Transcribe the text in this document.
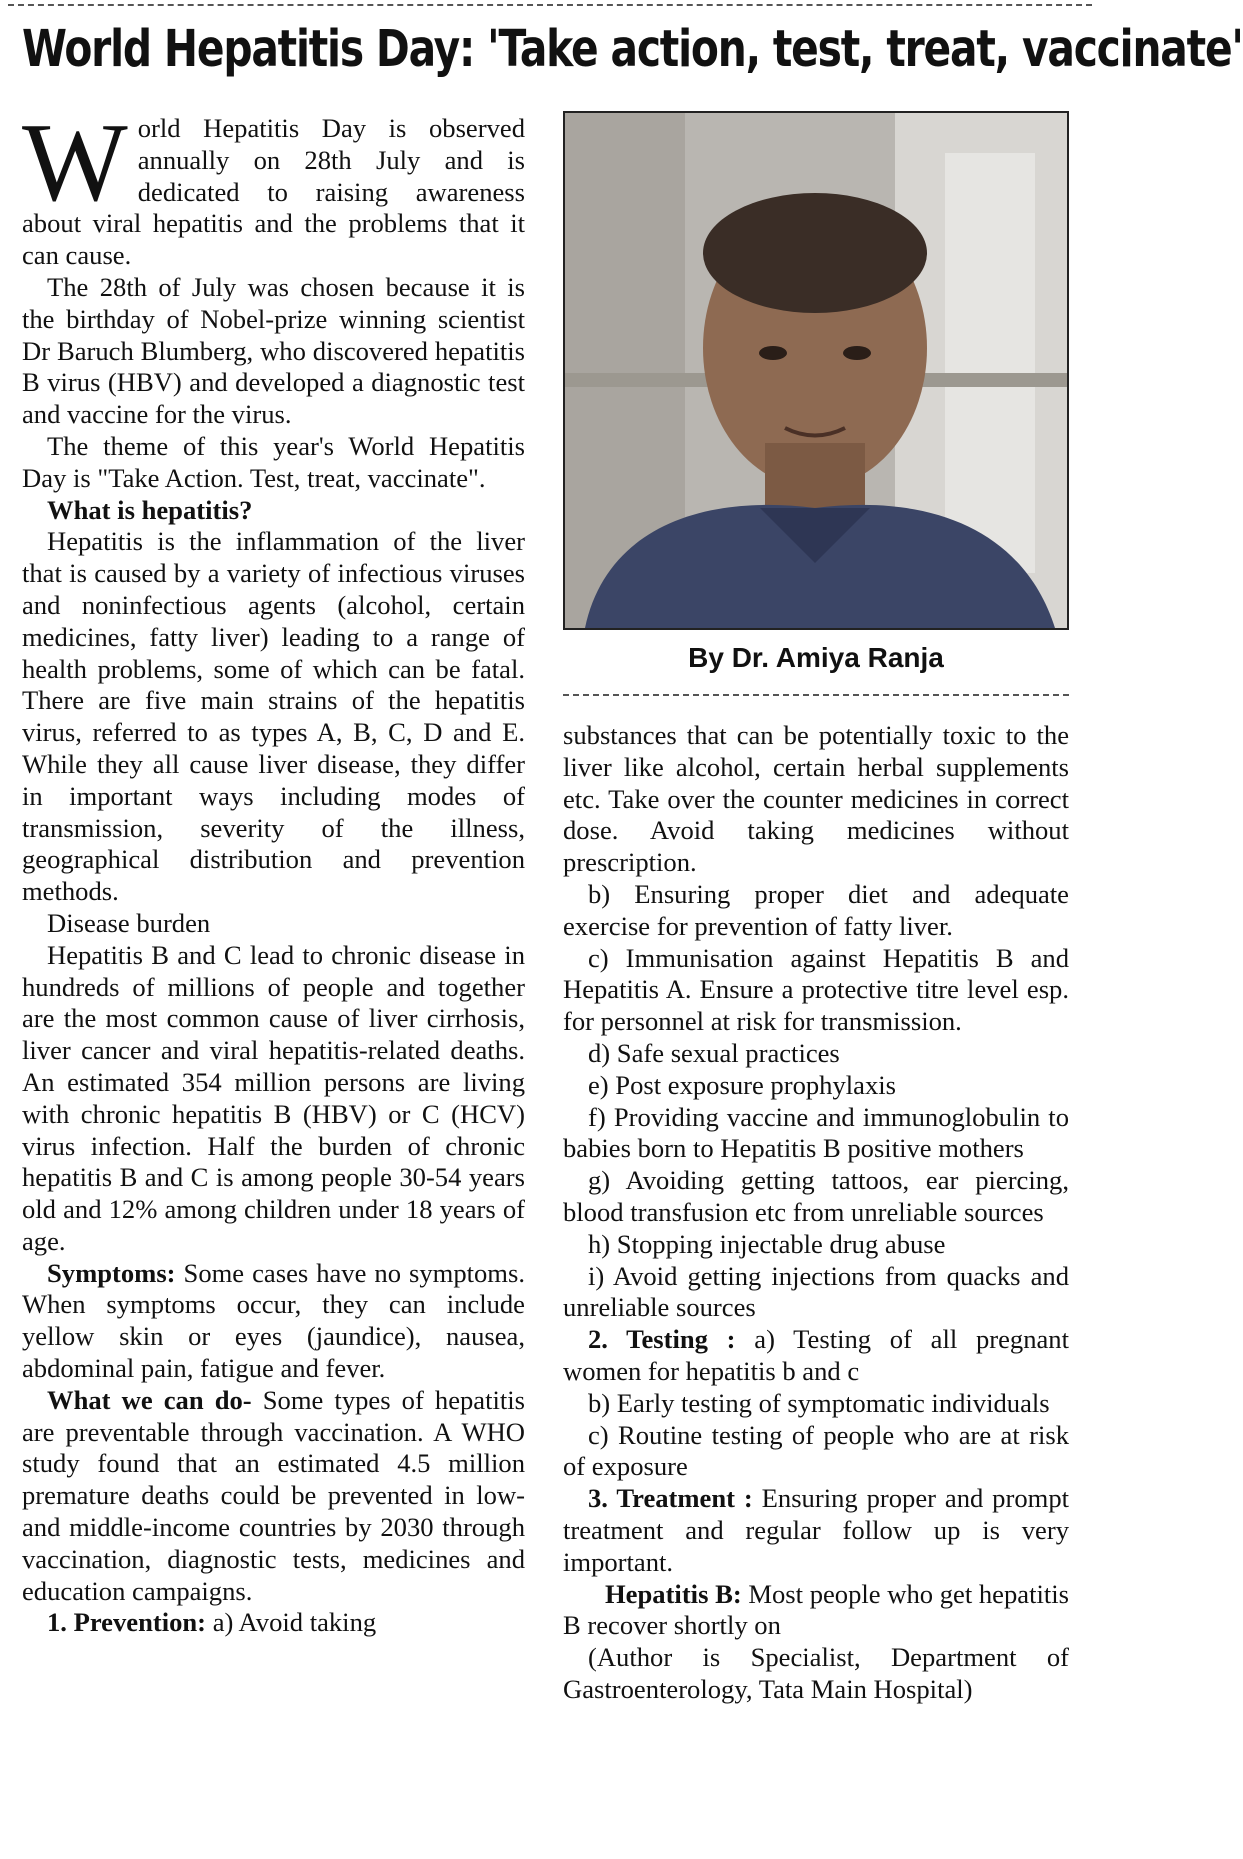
World Hepatitis Day: 'Take action, test, treat, vaccinate'

World Hepatitis Day is observed annually on 28th July and is dedicated to raising awareness about viral hepatitis and the problems that it can cause.

The 28th of July was chosen because it is the birthday of Nobel-prize winning scientist Dr Baruch Blumberg, who discovered hepatitis B virus (HBV) and developed a diagnostic test and vaccine for the virus.

The theme of this year's World Hepatitis Day is "Take Action. Test, treat, vaccinate".

What is hepatitis?

Hepatitis is the inflammation of the liver that is caused by a variety of infectious viruses and noninfectious agents (alcohol, certain medicines, fatty liver) leading to a range of health problems, some of which can be fatal. There are five main strains of the hepatitis virus, referred to as types A, B, C, D and E. While they all cause liver disease, they differ in important ways including modes of transmission, severity of the illness, geographical distribution and prevention methods.

Disease burden

Hepatitis B and C lead to chronic disease in hundreds of millions of people and together are the most common cause of liver cirrhosis, liver cancer and viral hepatitis-related deaths. An estimated 354 million persons are living with chronic hepatitis B (HBV) or C (HCV) virus infection. Half the burden of chronic hepatitis B and C is among people 30-54 years old and 12% among children under 18 years of age.

Symptoms: Some cases have no symptoms. When symptoms occur, they can include yellow skin or eyes (jaundice), nausea, abdominal pain, fatigue and fever.

What we can do- Some types of hepatitis are preventable through vaccination. A WHO study found that an estimated 4.5 million premature deaths could be prevented in low- and middle-income countries by 2030 through vaccination, diagnostic tests, medicines and education campaigns.

1. Prevention: a) Avoid taking

By Dr. Amiya Ranja

substances that can be potentially toxic to the liver like alcohol, certain herbal supplements etc. Take over the counter medicines in correct dose. Avoid taking medicines without prescription.

b) Ensuring proper diet and adequate exercise for prevention of fatty liver.

c) Immunisation against Hepatitis B and Hepatitis A. Ensure a protective titre level esp. for personnel at risk for transmission.

d) Safe sexual practices

e) Post exposure prophylaxis

f) Providing vaccine and immunoglobulin to babies born to Hepatitis B positive mothers

g) Avoiding getting tattoos, ear piercing, blood transfusion etc from unreliable sources

h) Stopping injectable drug abuse

i) Avoid getting injections from quacks and unreliable sources

2. Testing : a) Testing of all pregnant women for hepatitis b and c

b) Early testing of symptomatic individuals

c) Routine testing of people who are at risk of exposure

3. Treatment : Ensuring proper and prompt treatment and regular follow up is very important.

Hepatitis B: Most people who get hepatitis B recover shortly on

(Author is Specialist, Department of Gastroenterology, Tata Main Hospital)
